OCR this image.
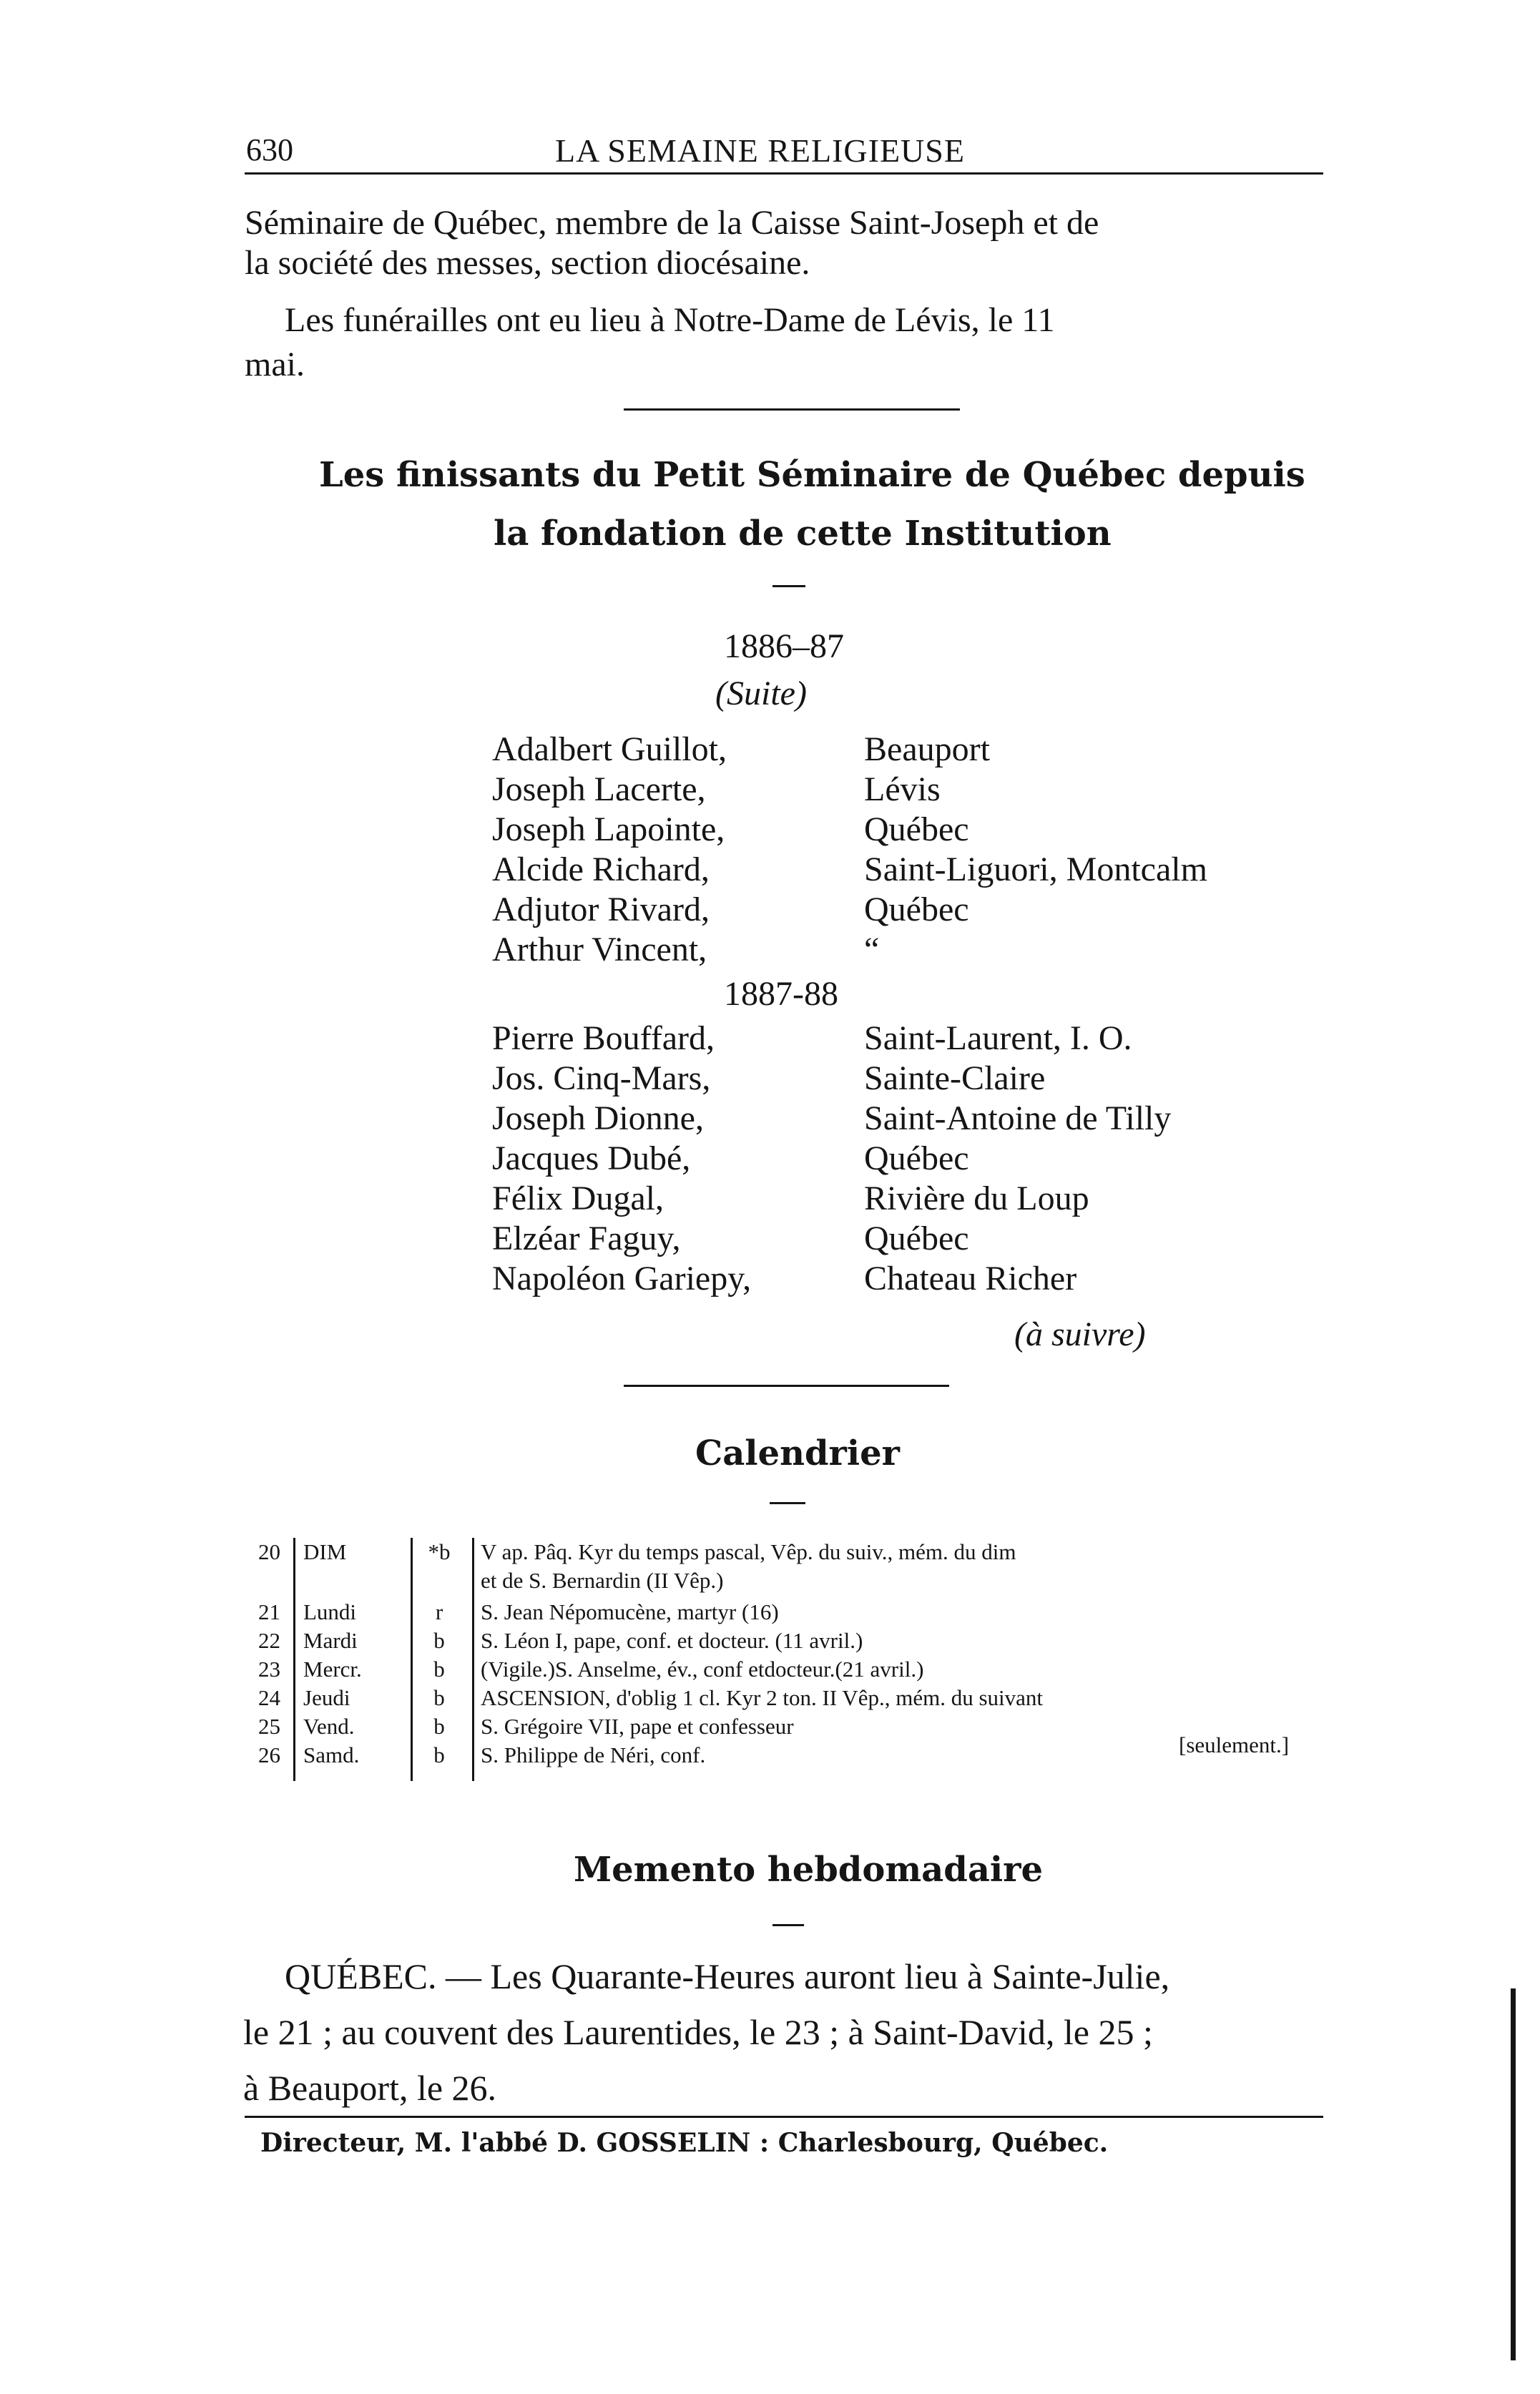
630	LA SEMAINE RELIGIEUSE
Séminaire de Québec, membre de la Caisse Saint-Joseph et de
la société des messes, section diocésaine.
Les funérailles ont eu lieu à Notre-Dame de Lévis, le 11
mai.
Les finissants du Petit Séminaire de Québec depuis
la fondation de cette Institution
1886–87
(Suite)
Adalbert Guillot,	Beauport
Joseph Lacerte,	Lévis
Joseph Lapointe,	Québec
Alcide Richard,	Saint-Liguori, Montcalm
Adjutor Rivard,	Québec
Arthur Vincent,	“
1887-88
Pierre Bouffard,	Saint-Laurent, I. O.
Jos. Cinq-Mars,	Sainte-Claire
Joseph Dionne,	Saint-Antoine de Tilly
Jacques Dubé,	Québec
Félix Dugal,	Rivière du Loup
Elzéar Faguy,	Québec
Napoléon Gariepy,	Chateau Richer
(à suivre)
Calendrier
20 DIM	*b	V ap. Pâq. Kyr du temps pascal, Vêp. du suiv., mém. du dim
et de S. Bernardin (II Vêp.)
21 Lundi	r	S. Jean Népomucène, martyr (16)
22 Mardi	b	S. Léon I, pape, conf. et docteur. (11 avril.)
23 Mercr.	b	(Vigile.)S. Anselme, év., conf etdocteur.(21 avril.)
24 Jeudi	b	ASCENSION, d'oblig 1 cl. Kyr 2 ton. II Vêp., mém. du suivant
25 Vend.	b	S. Grégoire VII, pape et confesseur
26 Samd.	b	S. Philippe de Néri, conf.	[seulement.]
Memento hebdomadaire
QUÉBEC. — Les Quarante-Heures auront lieu à Sainte-Julie,
le 21 ; au couvent des Laurentides, le 23 ; à Saint-David, le 25 ;
à Beauport, le 26.
Directeur, M. l'abbé D. GOSSELIN : Charlesbourg, Québec.
